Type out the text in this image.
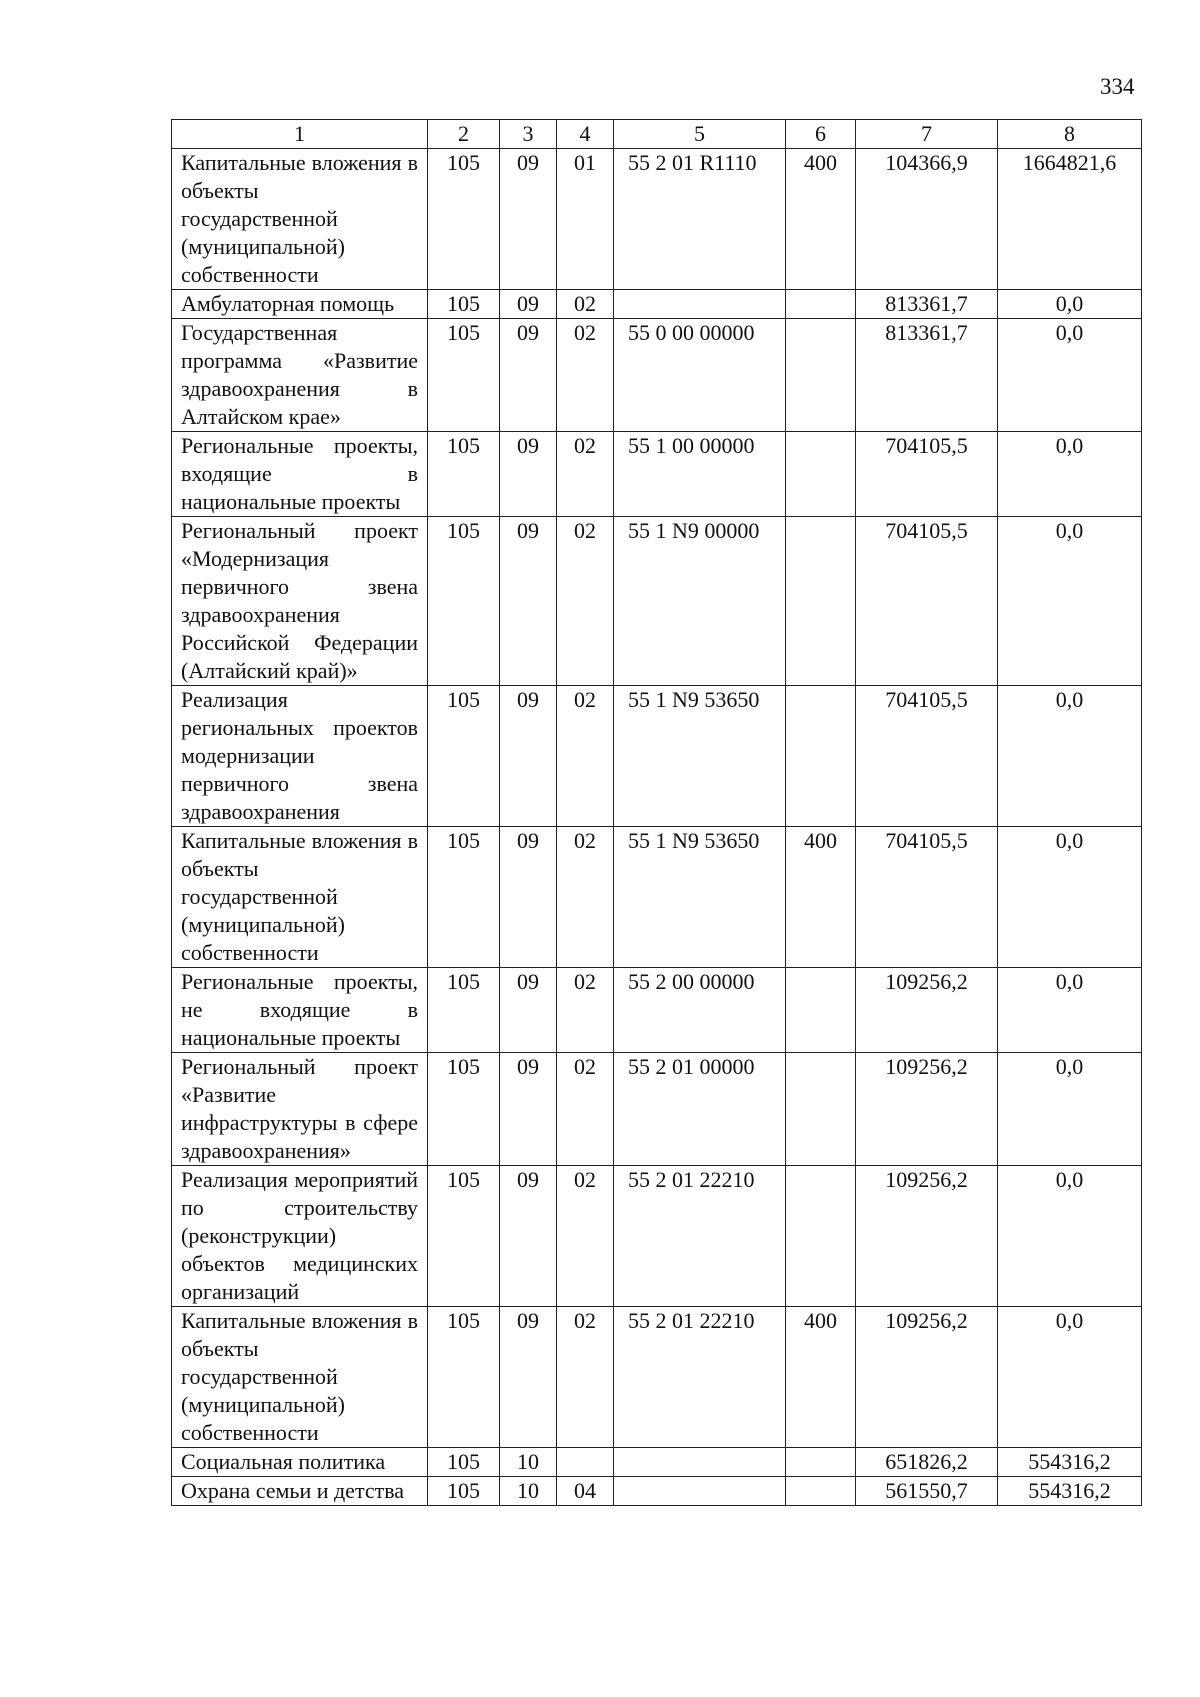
334
1	2	3	4	5	6	7	8
Капитальные вложения в объекты государственной (муниципальной) собственности	105	09	01	55 2 01 R1110	400	104366,9	1664821,6
Амбулаторная помощь	105	09	02			813361,7	0,0
Государственная программа «Развитие здравоохранения в Алтайском крае»	105	09	02	55 0 00 00000		813361,7	0,0
Региональные проекты, входящие в национальные проекты	105	09	02	55 1 00 00000		704105,5	0,0
Региональный проект «Модернизация первичного звена здравоохранения Российской Федерации (Алтайский край)»	105	09	02	55 1 N9 00000		704105,5	0,0
Реализация региональных проектов модернизации первичного звена здравоохранения	105	09	02	55 1 N9 53650		704105,5	0,0
Капитальные вложения в объекты государственной (муниципальной) собственности	105	09	02	55 1 N9 53650	400	704105,5	0,0
Региональные проекты, не входящие в национальные проекты	105	09	02	55 2 00 00000		109256,2	0,0
Региональный проект «Развитие инфраструктуры в сфере здравоохранения»	105	09	02	55 2 01 00000		109256,2	0,0
Реализация мероприятий по строительству (реконструкции) объектов медицинских организаций	105	09	02	55 2 01 22210		109256,2	0,0
Капитальные вложения в объекты государственной (муниципальной) собственности	105	09	02	55 2 01 22210	400	109256,2	0,0
Социальная политика	105	10				651826,2	554316,2
Охрана семьи и детства	105	10	04			561550,7	554316,2
